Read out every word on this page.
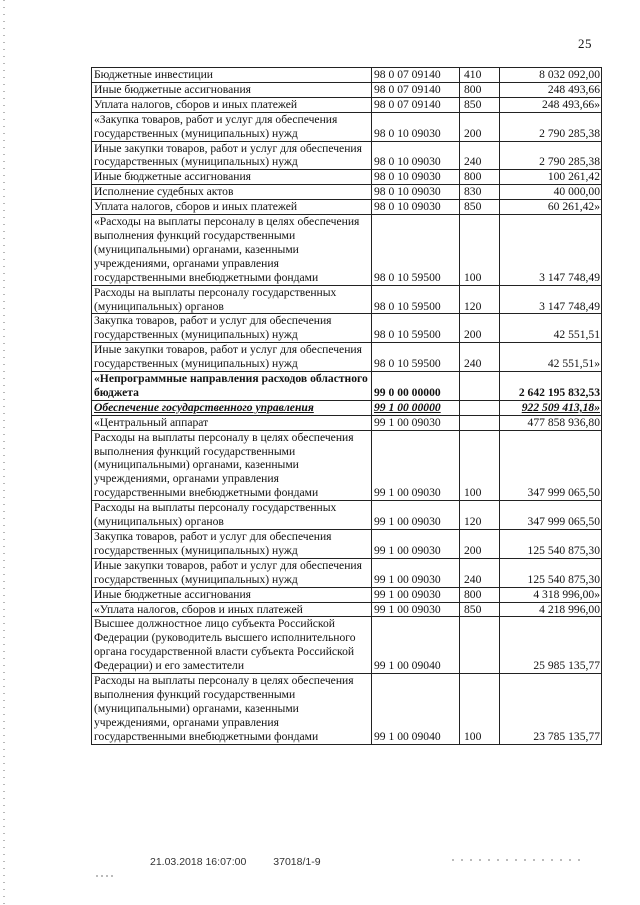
25
Бюджетные инвестиции	98 0 07 09140	410	8 032 092,00
Иные бюджетные ассигнования	98 0 07 09140	800	248 493,66
Уплата налогов, сборов и иных платежей	98 0 07 09140	850	248 493,66»
«Закупка товаров, работ и услуг для обеспечения государственных (муниципальных) нужд	98 0 10 09030	200	2 790 285,38
Иные закупки товаров, работ и услуг для обеспечения государственных (муниципальных) нужд	98 0 10 09030	240	2 790 285,38
Иные бюджетные ассигнования	98 0 10 09030	800	100 261,42
Исполнение судебных актов	98 0 10 09030	830	40 000,00
Уплата налогов, сборов и иных платежей	98 0 10 09030	850	60 261,42»
«Расходы на выплаты персоналу в целях обеспечения выполнения функций государственными (муниципальными) органами, казенными учреждениями, органами управления государственными внебюджетными фондами	98 0 10 59500	100	3 147 748,49
Расходы на выплаты персоналу государственных (муниципальных) органов	98 0 10 59500	120	3 147 748,49
Закупка товаров, работ и услуг для обеспечения государственных (муниципальных) нужд	98 0 10 59500	200	42 551,51
Иные закупки товаров, работ и услуг для обеспечения государственных (муниципальных) нужд	98 0 10 59500	240	42 551,51»
«Непрограммные направления расходов областного бюджета	99 0 00 00000		2 642 195 832,53
Обеспечение государственного управления	99 1 00 00000		922 509 413,18»
«Центральный аппарат	99 1 00 09030		477 858 936,80
Расходы на выплаты персоналу в целях обеспечения выполнения функций государственными (муниципальными) органами, казенными учреждениями, органами управления государственными внебюджетными фондами	99 1 00 09030	100	347 999 065,50
Расходы на выплаты персоналу государственных (муниципальных) органов	99 1 00 09030	120	347 999 065,50
Закупка товаров, работ и услуг для обеспечения государственных (муниципальных) нужд	99 1 00 09030	200	125 540 875,30
Иные закупки товаров, работ и услуг для обеспечения государственных (муниципальных) нужд	99 1 00 09030	240	125 540 875,30
Иные бюджетные ассигнования	99 1 00 09030	800	4 318 996,00»
«Уплата налогов, сборов и иных платежей	99 1 00 09030	850	4 218 996,00
Высшее должностное лицо субъекта Российской Федерации (руководитель высшего исполнительного органа государственной власти субъекта Российской Федерации) и его заместители	99 1 00 09040		25 985 135,77
Расходы на выплаты персоналу в целях обеспечения выполнения функций государственными (муниципальными) органами, казенными учреждениями, органами управления государственными внебюджетными фондами	99 1 00 09040	100	23 785 135,77
21.03.2018 16:07:00	37018/1-9
